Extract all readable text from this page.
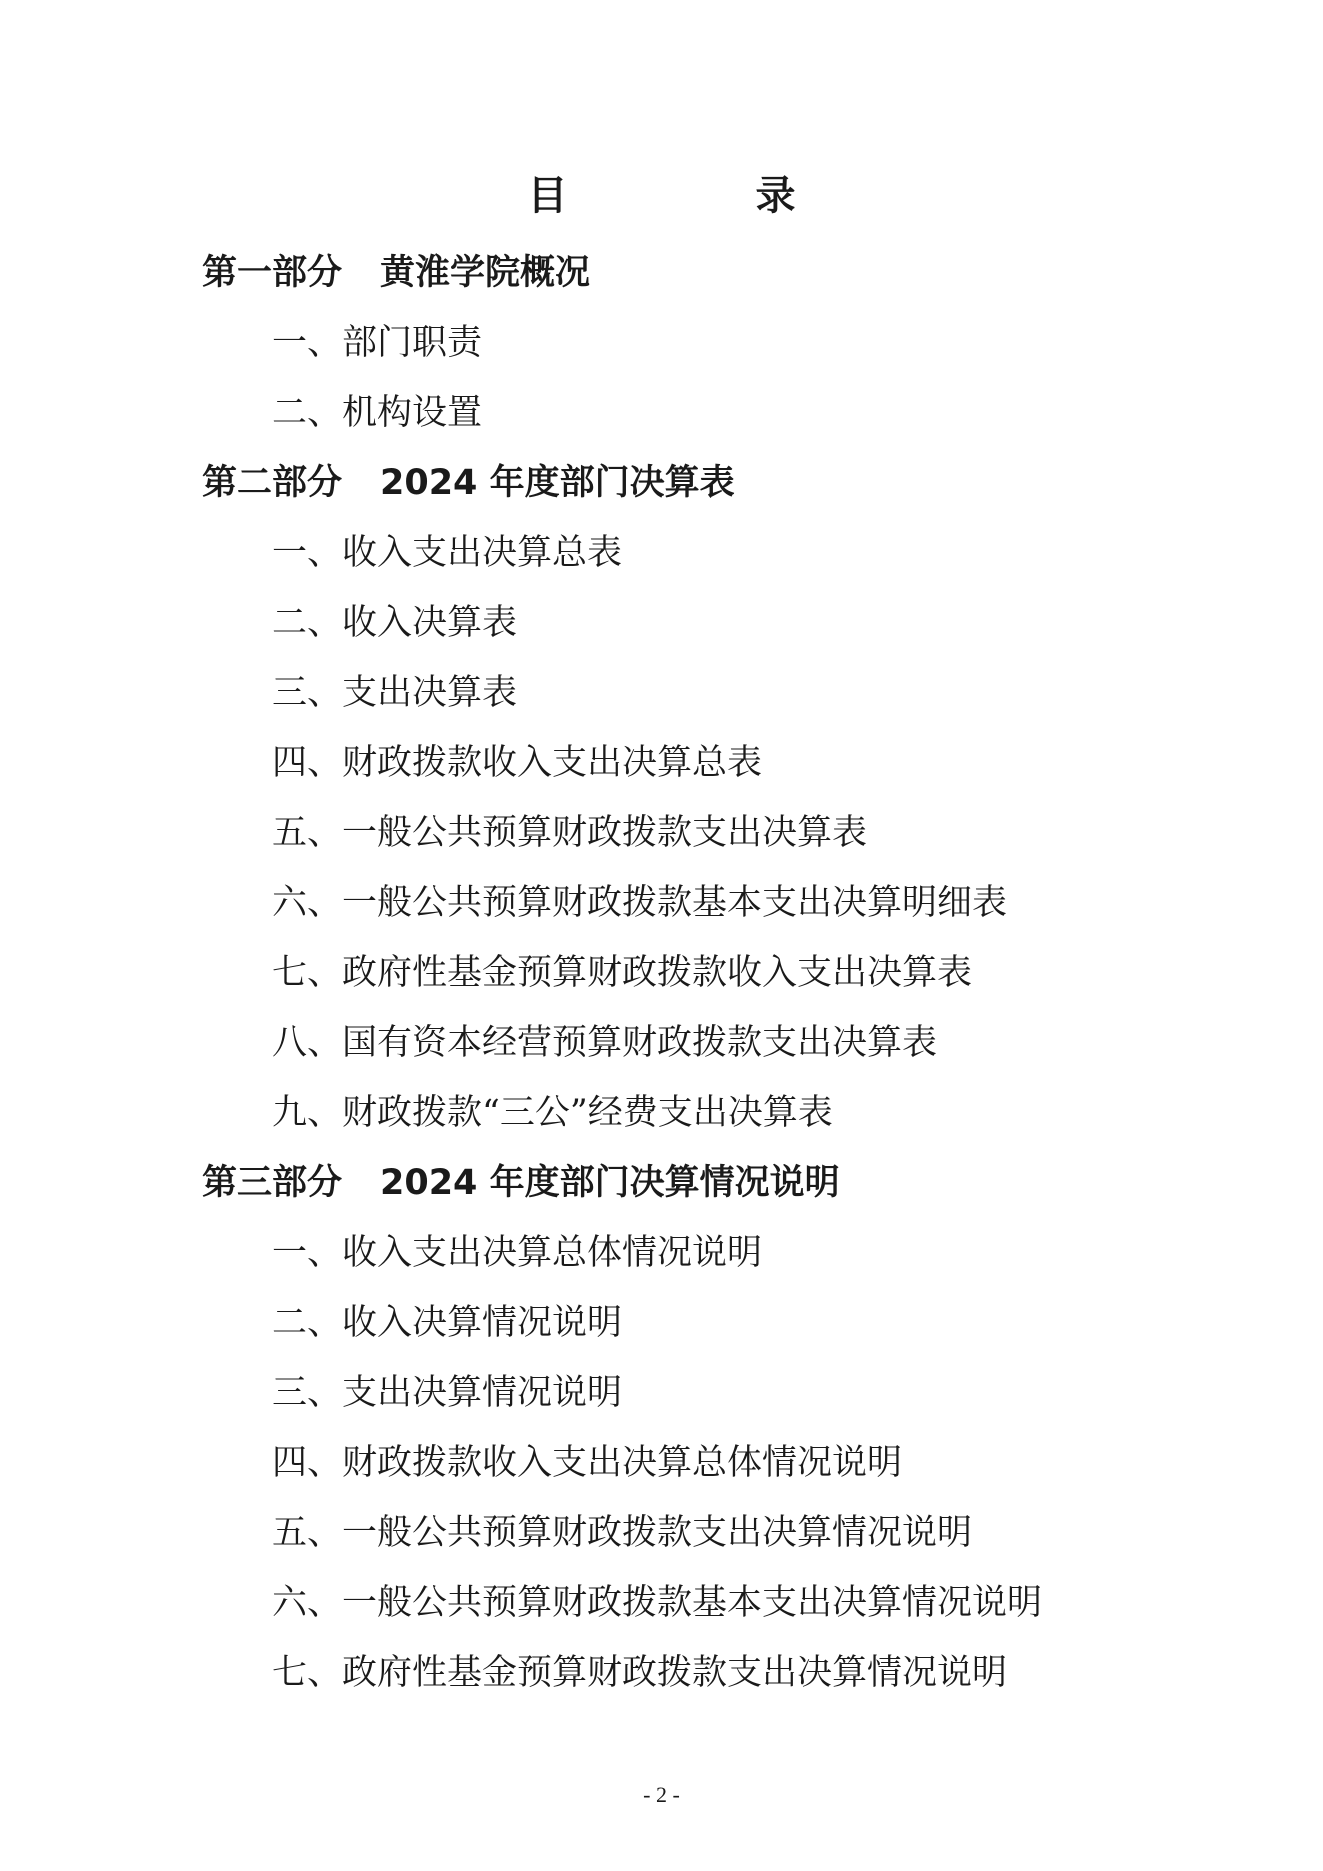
目　录
第一部分 黄淮学院概况
一、部门职责
二、机构设置
第二部分 2024 年度部门决算表
一、收入支出决算总表
二、收入决算表
三、支出决算表
四、财政拨款收入支出决算总表
五、一般公共预算财政拨款支出决算表
六、一般公共预算财政拨款基本支出决算明细表
七、政府性基金预算财政拨款收入支出决算表
八、国有资本经营预算财政拨款支出决算表
九、财政拨款“三公”经费支出决算表
第三部分 2024 年度部门决算情况说明
一、收入支出决算总体情况说明
二、收入决算情况说明
三、支出决算情况说明
四、财政拨款收入支出决算总体情况说明
五、一般公共预算财政拨款支出决算情况说明
六、一般公共预算财政拨款基本支出决算情况说明
七、政府性基金预算财政拨款支出决算情况说明

- 2 -
